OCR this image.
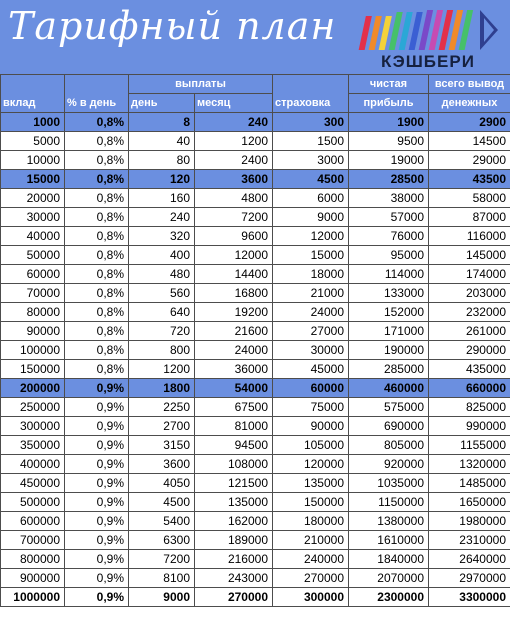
Тарифный план
КЭШБЕРИ
вклад	% в день	выплаты		страховка	чистая	всего вывод
		день	месяц		прибыль	денежных
1000	0,8%	8	240	300	1900	2900
5000	0,8%	40	1200	1500	9500	14500
10000	0,8%	80	2400	3000	19000	29000
15000	0,8%	120	3600	4500	28500	43500
20000	0,8%	160	4800	6000	38000	58000
30000	0,8%	240	7200	9000	57000	87000
40000	0,8%	320	9600	12000	76000	116000
50000	0,8%	400	12000	15000	95000	145000
60000	0,8%	480	14400	18000	114000	174000
70000	0,8%	560	16800	21000	133000	203000
80000	0,8%	640	19200	24000	152000	232000
90000	0,8%	720	21600	27000	171000	261000
100000	0,8%	800	24000	30000	190000	290000
150000	0,8%	1200	36000	45000	285000	435000
200000	0,9%	1800	54000	60000	460000	660000
250000	0,9%	2250	67500	75000	575000	825000
300000	0,9%	2700	81000	90000	690000	990000
350000	0,9%	3150	94500	105000	805000	1155000
400000	0,9%	3600	108000	120000	920000	1320000
450000	0,9%	4050	121500	135000	1035000	1485000
500000	0,9%	4500	135000	150000	1150000	1650000
600000	0,9%	5400	162000	180000	1380000	1980000
700000	0,9%	6300	189000	210000	1610000	2310000
800000	0,9%	7200	216000	240000	1840000	2640000
900000	0,9%	8100	243000	270000	2070000	2970000
1000000	0,9%	9000	270000	300000	2300000	3300000
